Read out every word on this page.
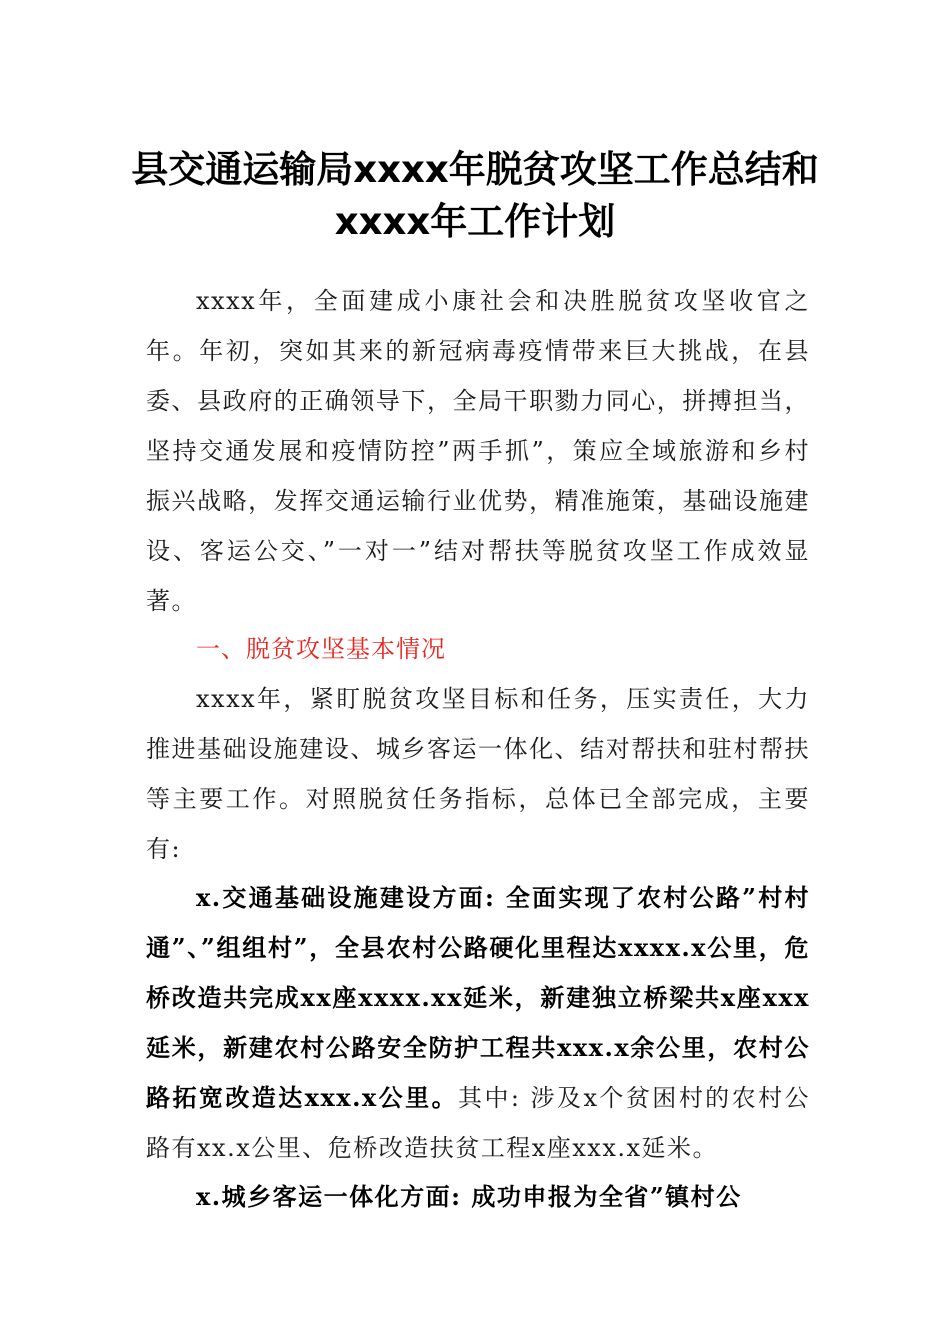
县交通运输局xxxx年脱贫攻坚工作总结和
xxxx年工作计划
xxxx年，全面建成小康社会和决胜脱贫攻坚收官之年。年初，突如其来的新冠病毒疫情带来巨大挑战，在县委、县政府的正确领导下，全局干职勠力同心，拼搏担当，坚持交通发展和疫情防控”两手抓”，策应全域旅游和乡村振兴战略，发挥交通运输行业优势，精准施策，基础设施建设、客运公交、”一对一”结对帮扶等脱贫攻坚工作成效显著。
一、脱贫攻坚基本情况
xxxx年，紧盯脱贫攻坚目标和任务，压实责任，大力推进基础设施建设、城乡客运一体化、结对帮扶和驻村帮扶等主要工作。对照脱贫任务指标，总体已全部完成，主要有:
x.交通基础设施建设方面: 全面实现了农村公路”村村通”、”组组村”，全县农村公路硬化里程达xxxx.x公里，危桥改造共完成xx座xxxx.xx延米，新建独立桥梁共x座xxx延米，新建农村公路安全防护工程共xxx.x余公里，农村公路拓宽改造达xxx.x公里。其中: 涉及x个贫困村的农村公路有xx.x公里、危桥改造扶贫工程x座xxx.x延米。
x.城乡客运一体化方面: 成功申报为全省”镇村公
